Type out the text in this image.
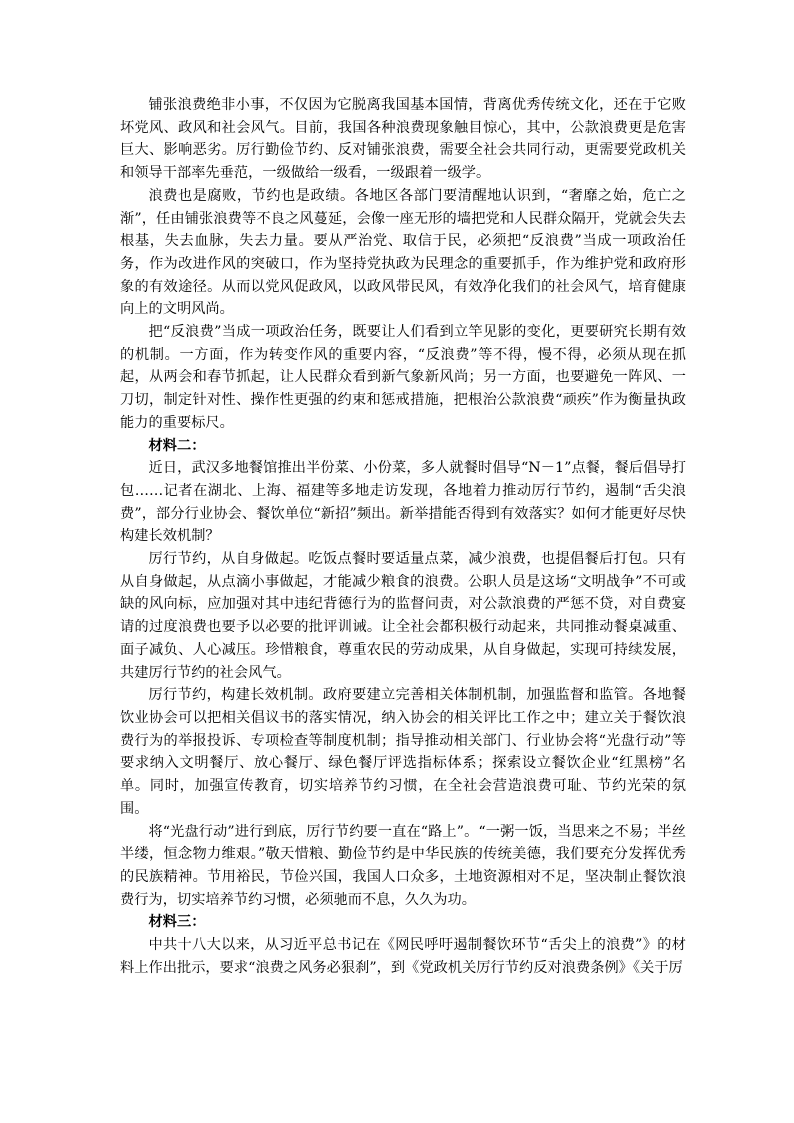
铺张浪费绝非小事，不仅因为它脱离我国基本国情，背离优秀传统文化，还在于它败坏党风、政风和社会风气。目前，我国各种浪费现象触目惊心，其中，公款浪费更是危害巨大、影响恶劣。厉行勤俭节约、反对铺张浪费，需要全社会共同行动，更需要党政机关和领导干部率先垂范，一级做给一级看，一级跟着一级学。

浪费也是腐败，节约也是政绩。各地区各部门要清醒地认识到，“奢靡之始，危亡之渐”，任由铺张浪费等不良之风蔓延，会像一座无形的墙把党和人民群众隔开，党就会失去根基，失去血脉，失去力量。要从严治党、取信于民，必须把“反浪费”当成一项政治任务，作为改进作风的突破口，作为坚持党执政为民理念的重要抓手，作为维护党和政府形象的有效途径。从而以党风促政风，以政风带民风，有效净化我们的社会风气，培育健康向上的文明风尚。

把“反浪费”当成一项政治任务，既要让人们看到立竿见影的变化，更要研究长期有效的机制。一方面，作为转变作风的重要内容，“反浪费”等不得，慢不得，必须从现在抓起，从两会和春节抓起，让人民群众看到新气象新风尚；另一方面，也要避免一阵风、一刀切，制定针对性、操作性更强的约束和惩戒措施，把根治公款浪费“顽疾”作为衡量执政能力的重要标尺。

材料二：

近日，武汉多地餐馆推出半份菜、小份菜，多人就餐时倡导“N－1”点餐，餐后倡导打包……记者在湖北、上海、福建等多地走访发现，各地着力推动厉行节约，遏制“舌尖浪费”，部分行业协会、餐饮单位“新招”频出。新举措能否得到有效落实？如何才能更好尽快构建长效机制？

厉行节约，从自身做起。吃饭点餐时要适量点菜，减少浪费，也提倡餐后打包。只有从自身做起，从点滴小事做起，才能减少粮食的浪费。公职人员是这场“文明战争”不可或缺的风向标，应加强对其中违纪背德行为的监督问责，对公款浪费的严惩不贷，对自费宴请的过度浪费也要予以必要的批评训诫。让全社会都积极行动起来，共同推动餐桌减重、面子减负、人心减压。珍惜粮食，尊重农民的劳动成果，从自身做起，实现可持续发展，共建厉行节约的社会风气。

厉行节约，构建长效机制。政府要建立完善相关体制机制，加强监督和监管。各地餐饮业协会可以把相关倡议书的落实情况，纳入协会的相关评比工作之中；建立关于餐饮浪费行为的举报投诉、专项检查等制度机制；指导推动相关部门、行业协会将“光盘行动”等要求纳入文明餐厅、放心餐厅、绿色餐厅评选指标体系；探索设立餐饮企业“红黑榜”名单。同时，加强宣传教育，切实培养节约习惯，在全社会营造浪费可耻、节约光荣的氛围。

将“光盘行动”进行到底，厉行节约要一直在“路上”。“一粥一饭，当思来之不易；半丝半缕，恒念物力维艰。”敬天惜粮、勤俭节约是中华民族的传统美德，我们要充分发挥优秀的民族精神。节用裕民，节俭兴国，我国人口众多，土地资源相对不足，坚决制止餐饮浪费行为，切实培养节约习惯，必须驰而不息，久久为功。

材料三：

中共十八大以来，从习近平总书记在《网民呼吁遏制餐饮环节“舌尖上的浪费”》的材料上作出批示，要求“浪费之风务必狠刹”，到《党政机关厉行节约反对浪费条例》《关于厉
